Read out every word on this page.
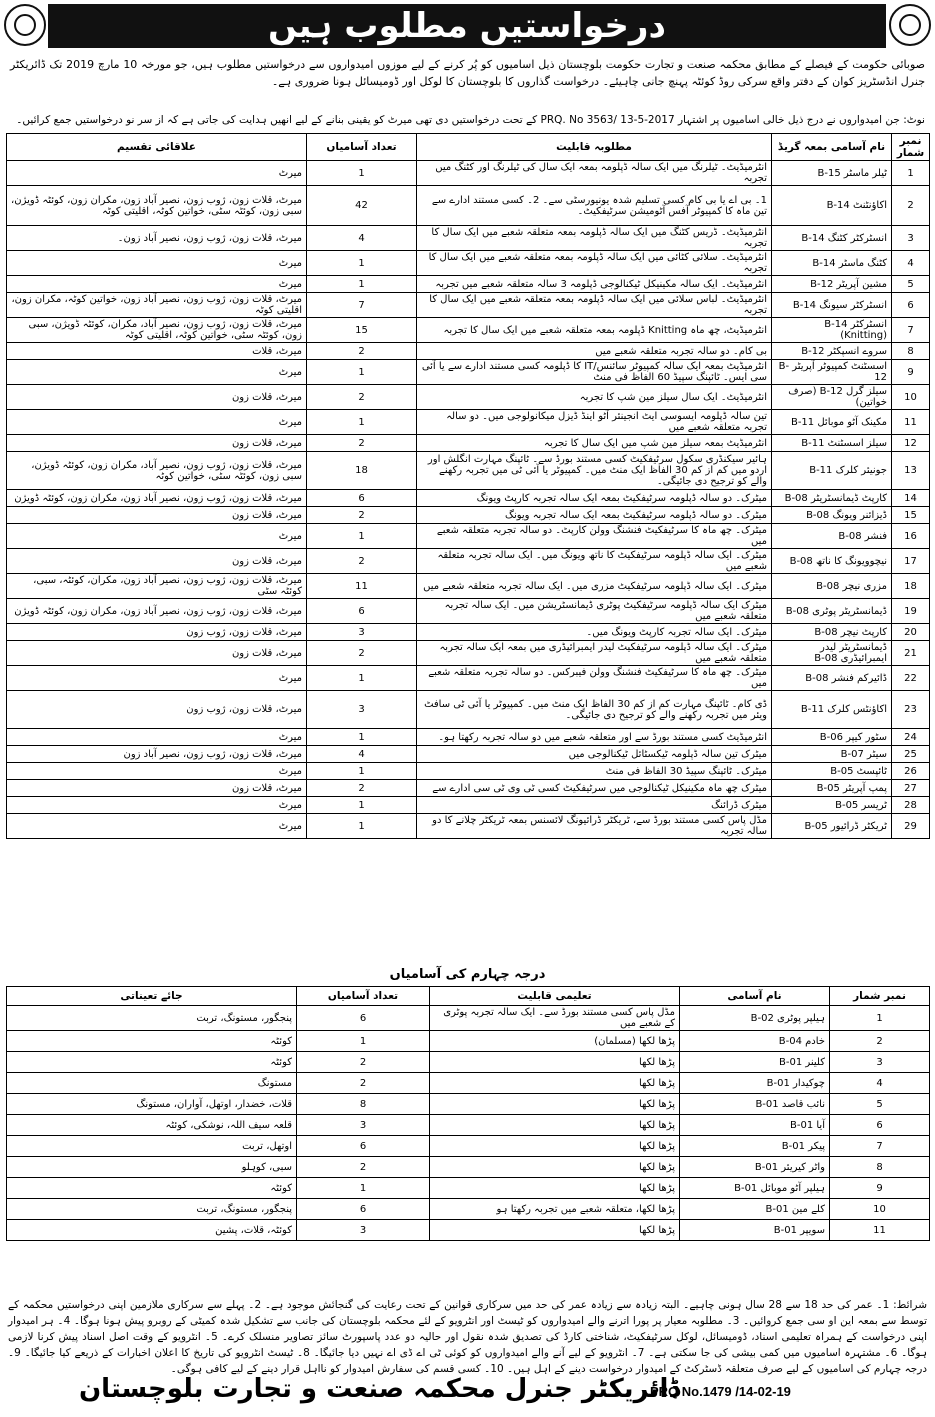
درخواستیں مطلوب ہیں
صوبائی حکومت کے فیصلے کے مطابق محکمہ صنعت و تجارت حکومت بلوچستان ذیل اسامیوں کو پُر کرنے کے لیے موزوں امیدواروں سے درخواستیں مطلوب ہیں، جو مورخہ 10 مارچ 2019 تک ڈائریکٹر جنرل انڈسٹریز کوان کے دفتر واقع سرکی روڈ کوئٹہ پہنچ جانی چاہیئے۔ درخواست گذاروں کا بلوچستان کا لوکل اور ڈومیسائل ہونا ضروری ہے۔
نوٹ: جن امیدواروں نے درج ذیل خالی اسامیوں پر اشتہار PRQ. No 3563/ 13-5-2017 کے تحت درخواستیں دی تھی میرٹ کو یقینی بنانے کے لیے انھیں ہدایت کی جاتی ہے کہ از سر نو درخواستیں جمع کرائیں۔
نمبر شمار	نام آسامی بمعہ گریڈ	مطلوبہ قابلیت	تعداد آسامیاں	علاقائی تقسیم
1	ٹیلر ماسٹر B-15	انٹرمیڈیٹ۔ ٹیلرنگ میں ایک سالہ ڈپلومہ بمعہ ایک سال کی ٹیلرنگ اور کٹنگ میں تجربہ	1	میرٹ
2	اکاؤنٹنٹ B-14	1۔ بی اے یا بی کام کسی تسلیم شدہ یونیورسٹی سے۔ 2۔ کسی مستند ادارے سے تین ماہ کا کمپیوٹر آفس آٹومیشن سرٹیفکیٹ۔	42	میرٹ، قلات زون، ژوب زون، نصیر آباد زون، مکران زون، کوئٹہ ڈویژن، سبی زون، کوئٹہ سٹی، خواتین کوٹہ، اقلیتی کوٹہ
3	انسٹرکٹر کٹنگ B-14	انٹرمیڈیٹ۔ ڈریس کٹنگ میں ایک سالہ ڈپلومہ بمعہ متعلقہ شعبے میں ایک سال کا تجربہ	4	میرٹ، قلات زون، ژوب زون، نصیر آباد زون۔
4	کٹنگ ماسٹر B-14	انٹرمیڈیٹ۔ سلائی کٹائی میں ایک سالہ ڈپلومہ بمعہ متعلقہ شعبے میں ایک سال کا تجربہ	1	میرٹ
5	مشین آپریٹر B-12	انٹرمیڈیٹ۔ ایک سالہ مکینیکل ٹیکنالوجی ڈپلومہ 3 سالہ متعلقہ شعبے میں تجربہ	1	میرٹ
6	انسٹرکٹر سیونگ B-14	انٹرمیڈیٹ۔ لباس سلائی میں ایک سالہ ڈپلومہ بمعہ متعلقہ شعبے میں ایک سال کا تجربہ	7	میرٹ، قلات زون، ژوب زون، نصیر آباد زون، خواتین کوٹہ، مکران زون، اقلیتی کوٹہ
7	انسٹرکٹر B-14 (Knitting)	انٹرمیڈیٹ، چھ ماہ Knitting ڈپلومہ بمعہ متعلقہ شعبے میں ایک سال کا تجربہ	15	میرٹ، قلات زون، ژوب زون، نصیر آباد، مکران، کوئٹہ ڈویژن، سبی زون، کوئٹہ سٹی، خواتین کوٹہ، اقلیتی کوٹہ
8	سروے انسپکٹر B-12	بی کام۔ دو سالہ تجربہ متعلقہ شعبے میں	2	میرٹ، قلات
9	اسسٹنٹ کمپیوٹر آپریٹر B-12	انٹرمیڈیٹ بمعہ ایک سالہ کمپیوٹر سائنس/IT کا ڈپلومہ کسی مستند ادارے سے یا آئی سی ایس۔ ٹائپنگ سپیڈ 60 الفاظ فی منٹ	1	میرٹ
10	سیلز گرل B-12 (صرف خواتین)	انٹرمیڈیٹ۔ ایک سال سیلز مین شپ کا تجربہ	2	میرٹ، قلات زون
11	مکینک آٹو موبائل B-11	تین سالہ ڈپلومہ ایسوسی ایٹ انجینئر آٹو اینڈ ڈیزل میکانولوجی میں۔ دو سالہ تجربہ متعلقہ شعبے میں	1	میرٹ
12	سیلز اسسٹنٹ B-11	انٹرمیڈیٹ بمعہ سیلز مین شپ میں ایک سال کا تجربہ	2	میرٹ، قلات زون
13	جونیئر کلرک B-11	ہائیر سیکنڈری سکول سرٹیفکیٹ کسی مستند بورڈ سے۔ ٹائپنگ مہارت انگلش اور اردو میں کم از کم 30 الفاظ ایک منٹ میں۔ کمپیوٹر یا آئی ٹی میں تجربہ رکھنے والے کو ترجیح دی جائیگی۔	18	میرٹ، قلات زون، ژوب زون، نصیر آباد، مکران زون، کوئٹہ ڈویژن، سبی زون، کوئٹہ سٹی، خواتین کوٹہ
14	کارپٹ ڈیمانسٹریٹر B-08	میٹرک۔ دو سالہ ڈپلومہ سرٹیفکیٹ بمعہ ایک سالہ تجربہ کارپٹ ویونگ	6	میرٹ، قلات زون، ژوب زون، نصیر آباد زون، مکران زون، کوئٹہ ڈویژن
15	ڈیزائنر ویونگ B-08	میٹرک۔ دو سالہ ڈپلومہ سرٹیفکیٹ بمعہ ایک سالہ تجربہ ویونگ	2	میرٹ، قلات زون
16	فنشر B-08	میٹرک۔ چھ ماہ کا سرٹیفکیٹ فنشنگ وولن کارپٹ۔ دو سالہ تجربہ متعلقہ شعبے میں	1	میرٹ
17	نیچوویونگ کا ناتھ B-08	میٹرک۔ ایک سالہ ڈپلومہ سرٹیفکیٹ کا ناتھ ویونگ میں۔ ایک سالہ تجربہ متعلقہ شعبے میں	2	میرٹ، قلات زون
18	مزری نیچر B-08	میٹرک۔ ایک سالہ ڈپلومہ سرٹیفکیٹ مزری میں۔ ایک سالہ تجربہ متعلقہ شعبے میں	11	میرٹ، قلات زون، ژوب زون، نصیر آباد زون، مکران، کوئٹہ، سبی، کوئٹہ سٹی
19	ڈیمانسٹریٹر پوٹری B-08	میٹرک ایک سالہ ڈپلومہ سرٹیفکیٹ پوٹری ڈیمانسٹریشن میں۔ ایک سالہ تجربہ متعلقہ شعبے میں	6	میرٹ، قلات زون، ژوب زون، نصیر آباد زون، مکران زون، کوئٹہ ڈویژن
20	کارپٹ نیچر B-08	میٹرک۔ ایک سالہ تجربہ کارپٹ ویونگ میں۔	3	میرٹ، قلات زون، ژوب زون
21	ڈیمانسٹریٹر لیدر ایمبرائیڈری B-08	میٹرک۔ ایک سالہ ڈپلومہ سرٹیفکیٹ لیدر ایمبرائیڈری میں بمعہ ایک سالہ تجربہ متعلقہ شعبے میں	2	میرٹ، قلات زون
22	ڈائیرکم فنشر B-08	میٹرک۔ چھ ماہ کا سرٹیفکیٹ فنشنگ وولن فیبرکس۔ دو سالہ تجربہ متعلقہ شعبے میں	1	میرٹ
23	اکاؤنٹس کلرک B-11	ڈی کام۔ ٹائپنگ مہارت کم از کم 30 الفاظ ایک منٹ میں۔ کمپیوٹر یا آئی ٹی سافٹ ویئر میں تجربہ رکھنے والے کو ترجیح دی جائیگی۔	3	میرٹ، قلات زون، ژوب زون
24	سٹور کیپر B-06	انٹرمیڈیٹ کسی مستند بورڈ سے اور متعلقہ شعبے میں دو سالہ تجربہ رکھتا ہو۔	1	میرٹ
25	سیٹر B-07	میٹرک تین سالہ ڈپلومہ ٹیکسٹائل ٹیکنالوجی میں	4	میرٹ، قلات زون، ژوب زون، نصیر آباد زون
26	ٹائپسٹ B-05	میٹرک۔ ٹائپنگ سپیڈ 30 الفاظ فی منٹ	1	میرٹ
27	پمپ آپریٹر B-05	میٹرک چھ ماہ مکینیکل ٹیکنالوجی میں سرٹیفکیٹ کسی ٹی وی ٹی سی ادارے سے	2	میرٹ، قلات زون
28	ٹریسر B-05	میٹرک ڈرائنگ	1	میرٹ
29	ٹریکٹر ڈرائیور B-05	مڈل پاس کسی مستند بورڈ سے، ٹریکٹر ڈرائیونگ لائسنس بمعہ ٹریکٹر چلانے کا دو سالہ تجربہ	1	میرٹ
درجہ چہارم کی آسامیاں
نمبر شمار	نام آسامی	تعلیمی قابلیت	تعداد آسامیاں	جائے تعیناتی
1	ہیلپر پوٹری B-02	مڈل پاس کسی مستند بورڈ سے۔ ایک سالہ تجربہ پوٹری کے شعبے میں	6	پنجگور، مستونگ، تربت
2	خادم B-04	پڑھا لکھا (مسلمان)	1	کوئٹہ
3	کلینر B-01	پڑھا لکھا	2	کوئٹہ
4	چوکیدار B-01	پڑھا لکھا	2	مستونگ
5	نائب قاصد B-01	پڑھا لکھا	8	قلات، خضدار، اوتھل، آواران، مستونگ
6	آیا B-01	پڑھا لکھا	3	قلعہ سیف اللہ، نوشکی، کوئٹہ
7	پیکر B-01	پڑھا لکھا	6	اوتھل، تربت
8	واٹر کیریئر B-01	پڑھا لکھا	2	سبی، کوہلو
9	ہیلپر آٹو موبائل B-01	پڑھا لکھا	1	کوئٹہ
10	کلے مین B-01	پڑھا لکھا، متعلقہ شعبے میں تجربہ رکھتا ہو	6	پنجگور، مستونگ، تربت
11	سویپر B-01	پڑھا لکھا	3	کوئٹہ، قلات، پشین
شرائط: 1۔ عمر کی حد 18 سے 28 سال ہونی چاہیے۔ البتہ زیادہ سے زیادہ عمر کی حد میں سرکاری قوانین کے تحت رعایت کی گنجائش موجود ہے۔ 2۔ پہلے سے سرکاری ملازمین اپنی درخواستیں محکمہ کے توسط سے بمعہ این او سی جمع کروائیں۔ 3۔ مطلوبہ معیار پر پورا اترنے والے امیدواروں کو ٹیسٹ اور انٹرویو کے لئے محکمہ بلوچستان کی جانب سے تشکیل شدہ کمیٹی کے روبرو پیش ہونا ہوگا۔ 4۔ ہر امیدوار اپنی درخواست کے ہمراہ تعلیمی اسناد، ڈومیسائل، لوکل سرٹیفکیٹ، شناختی کارڈ کی تصدیق شدہ نقول اور حالیہ دو عدد پاسپورٹ سائز تصاویر منسلک کرے۔ 5۔ انٹرویو کے وقت اصل اسناد پیش کرنا لازمی ہوگا۔ 6۔ مشتہرہ اسامیوں میں کمی بیشی کی جا سکتی ہے۔ 7۔ انٹرویو کے لیے آنے والے امیدواروں کو کوئی ٹی اے ڈی اے نہیں دیا جائیگا۔ 8۔ ٹیسٹ انٹرویو کی تاریخ کا اعلان اخبارات کے ذریعے کیا جائیگا۔ 9۔ درجہ چہارم کی اسامیوں کے لیے صرف متعلقہ ڈسٹرکٹ کے امیدوار درخواست دینے کے اہل ہیں۔ 10۔ کسی قسم کی سفارش امیدوار کو نااہل قرار دینے کے لیے کافی ہوگی۔
ڈائریکٹر جنرل محکمہ صنعت و تجارت بلوچستان
PRQ No.1479 /14-02-19
